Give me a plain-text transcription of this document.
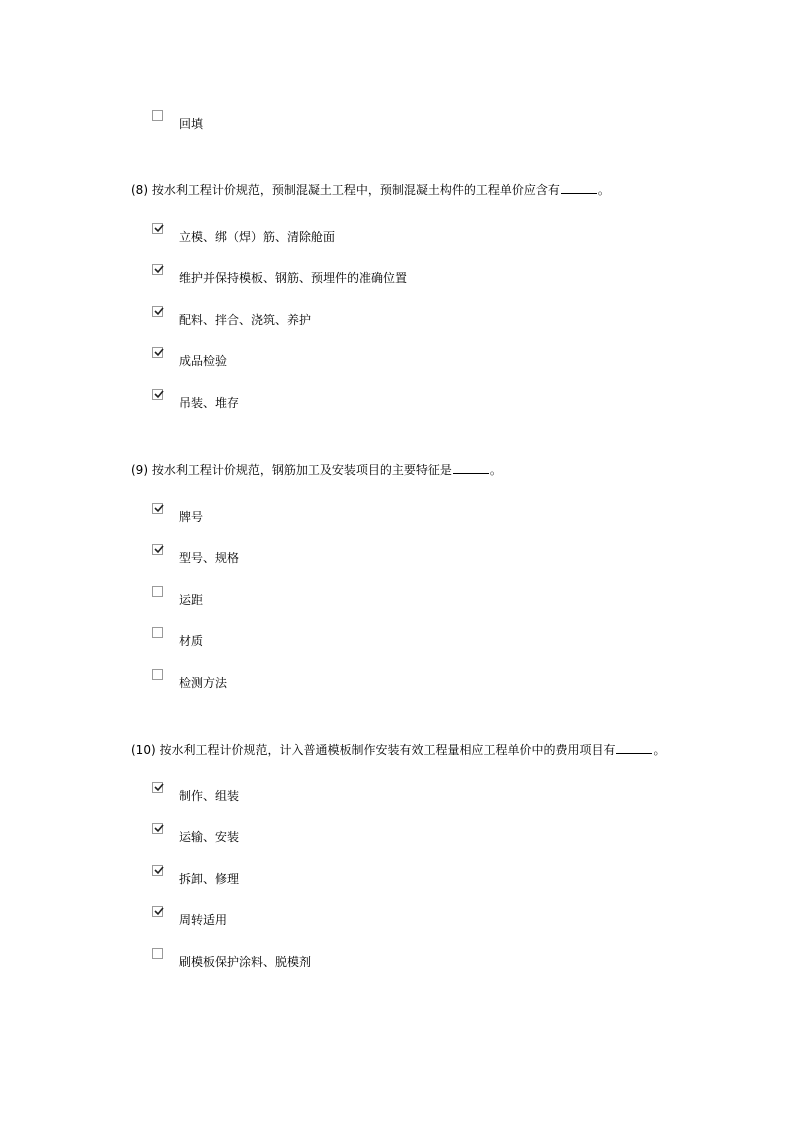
回填
(8) 按水利工程计价规范，预制混凝土工程中，预制混凝土构件的工程单价应含有	。
立模、绑（焊）筋、清除舱面
维护并保持模板、钢筋、预埋件的准确位置
配料、拌合、浇筑、养护
成品检验
吊装、堆存
(9) 按水利工程计价规范，钢筋加工及安装项目的主要特征是	。
牌号
型号、规格
运距
材质
检测方法
(10) 按水利工程计价规范，计入普通模板制作安装有效工程量相应工程单价中的费用项目有	。
制作、组装
运输、安装
拆卸、修理
周转适用
刷模板保护涂料、脱模剂
